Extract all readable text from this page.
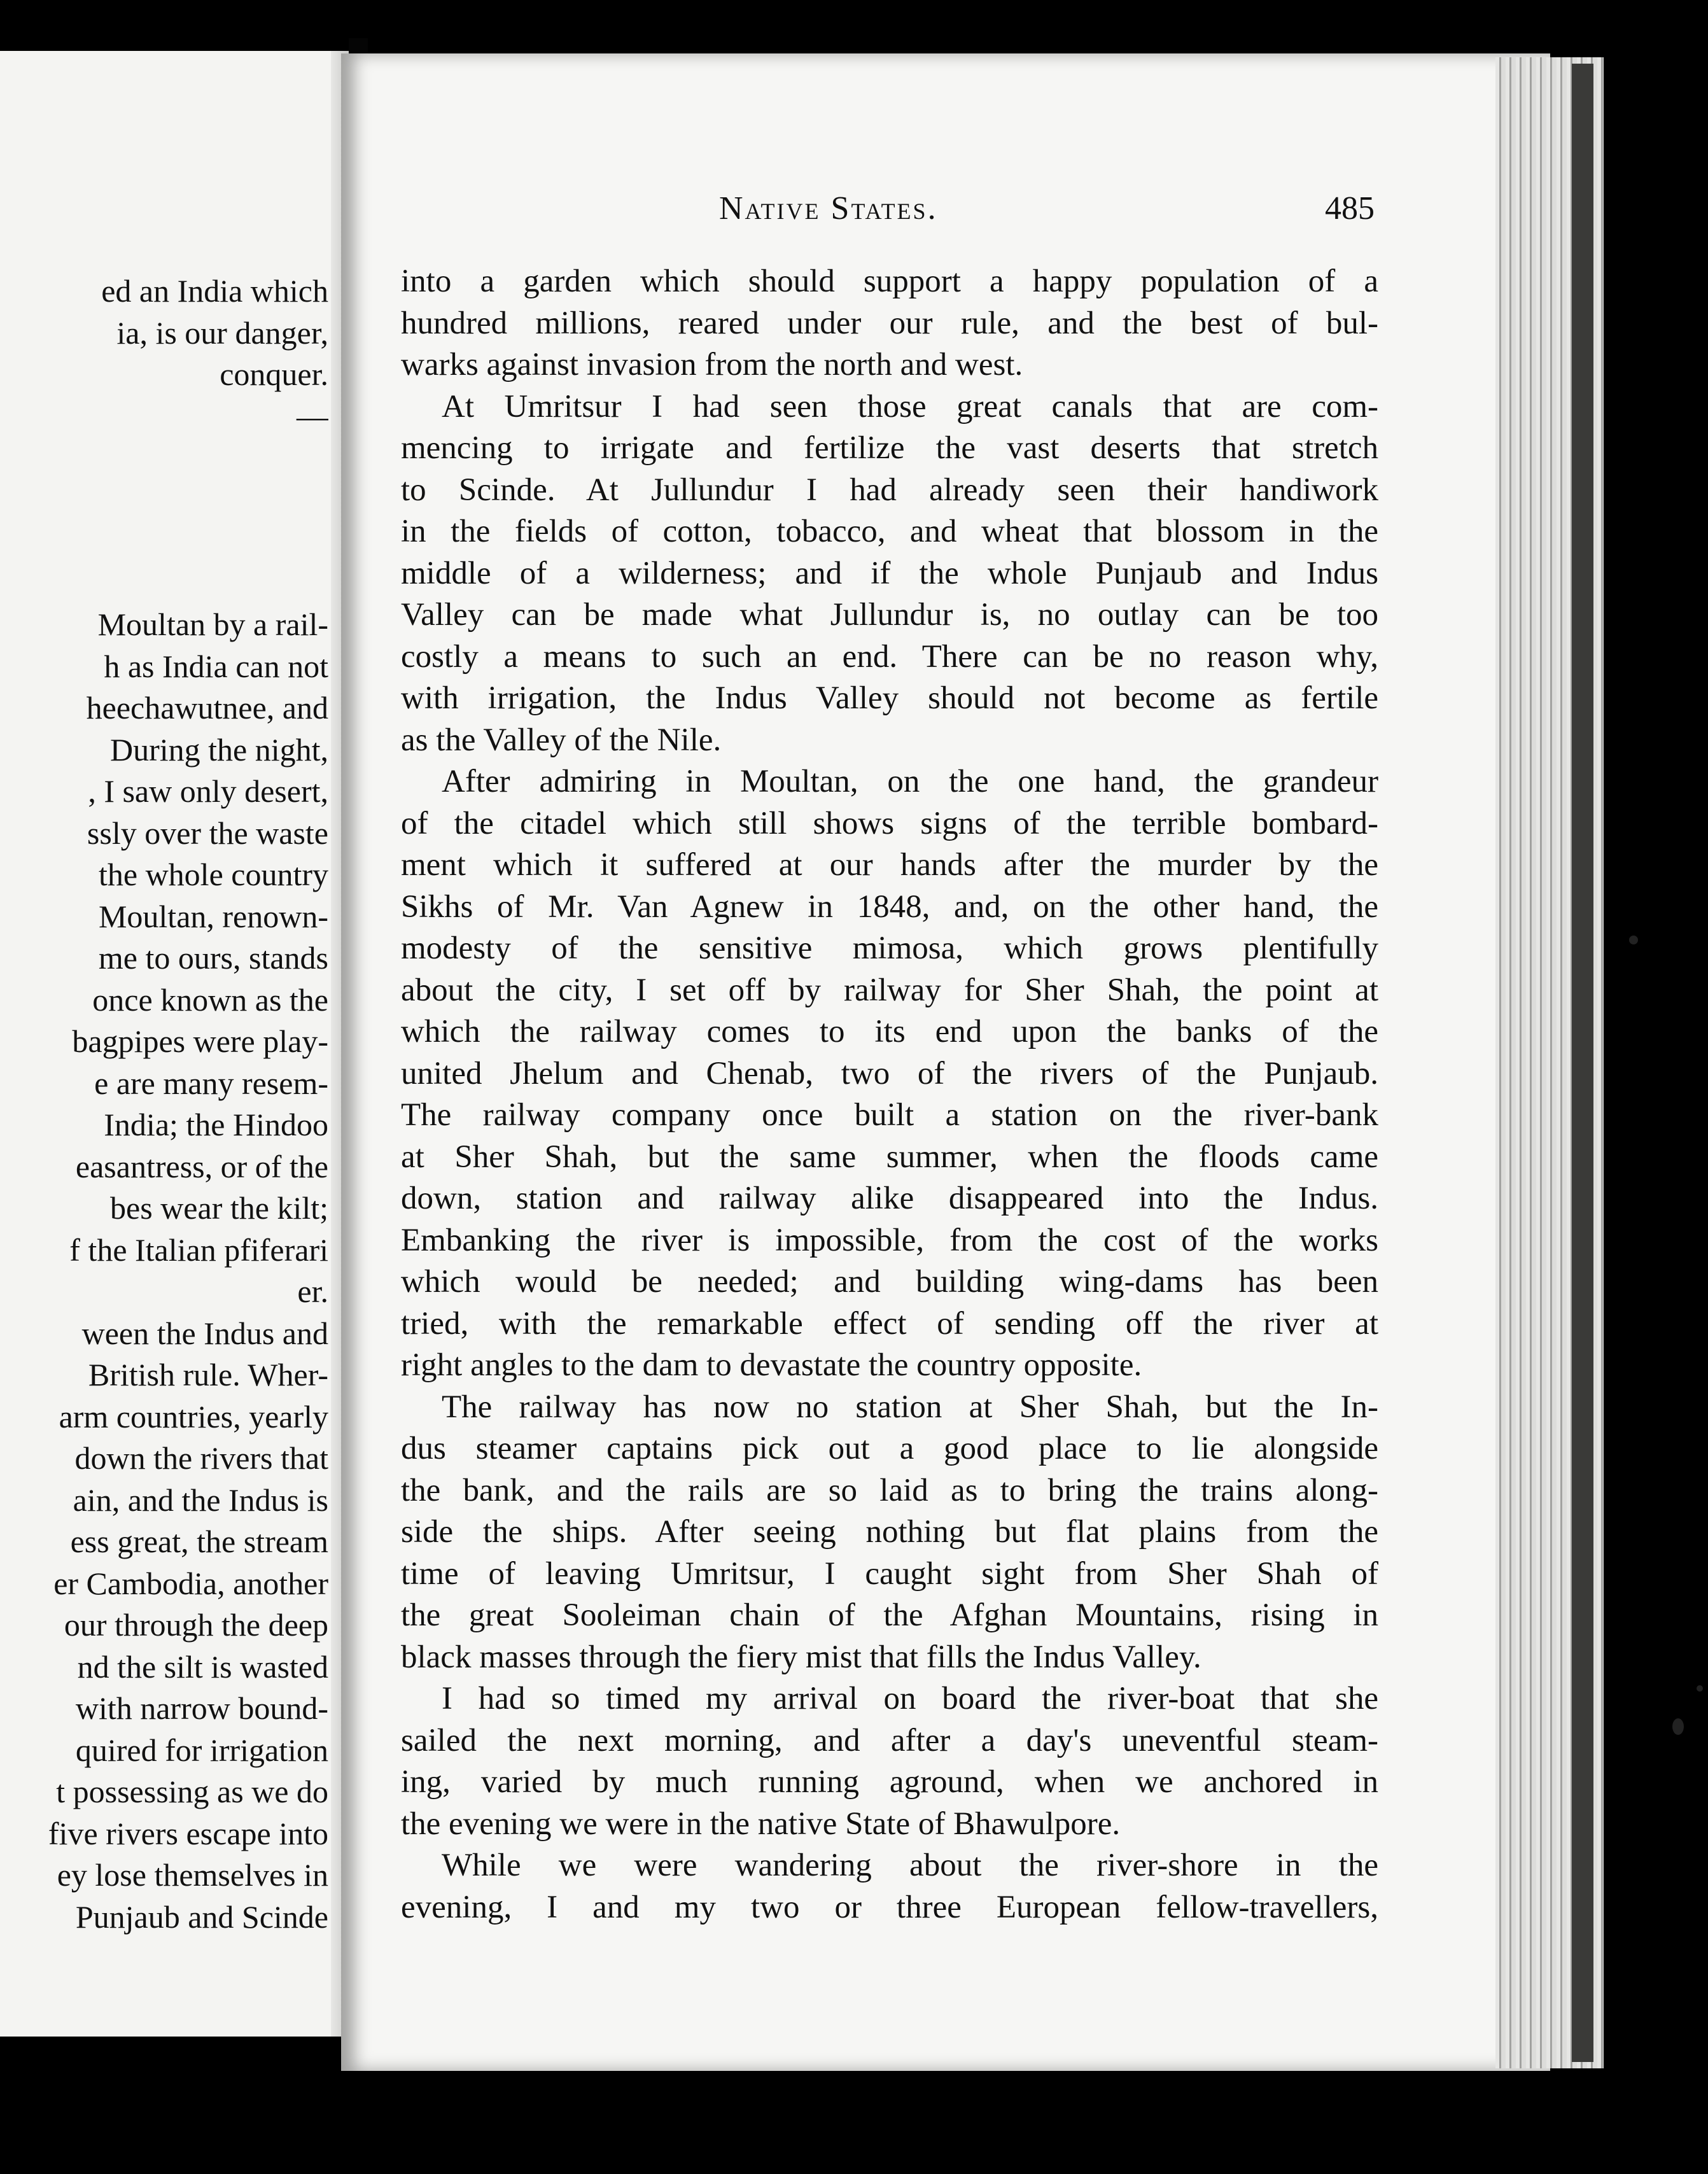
ed an India which
ia, is our danger,
conquer.
—
Moultan by a rail-
h as India can not
heechawutnee, and
During the night,
, I saw only desert,
ssly over the waste
the whole country
Moultan, renown-
me to ours, stands
once known as the
bagpipes were play-
e are many resem-
India; the Hindoo
easantress, or of the
bes wear the kilt;
f the Italian pfiferari
er.
ween the Indus and
British rule. Wher-
arm countries, yearly
down the rivers that
ain, and the Indus is
ess great, the stream
er Cambodia, another
our through the deep
nd the silt is wasted
with narrow bound-
quired for irrigation
t possessing as we do
five rivers escape into
ey lose themselves in
Punjaub and Scinde
Native States.	485
into a garden which should support a happy population of a
hundred millions, reared under our rule, and the best of bul-
warks against invasion from the north and west.
At Umritsur I had seen those great canals that are com-
mencing to irrigate and fertilize the vast deserts that stretch
to Scinde. At Jullundur I had already seen their handiwork
in the fields of cotton, tobacco, and wheat that blossom in the
middle of a wilderness; and if the whole Punjaub and Indus
Valley can be made what Jullundur is, no outlay can be too
costly a means to such an end. There can be no reason why,
with irrigation, the Indus Valley should not become as fertile
as the Valley of the Nile.
After admiring in Moultan, on the one hand, the grandeur
of the citadel which still shows signs of the terrible bombard-
ment which it suffered at our hands after the murder by the
Sikhs of Mr. Van Agnew in 1848, and, on the other hand, the
modesty of the sensitive mimosa, which grows plentifully
about the city, I set off by railway for Sher Shah, the point at
which the railway comes to its end upon the banks of the
united Jhelum and Chenab, two of the rivers of the Punjaub.
The railway company once built a station on the river-bank
at Sher Shah, but the same summer, when the floods came
down, station and railway alike disappeared into the Indus.
Embanking the river is impossible, from the cost of the works
which would be needed; and building wing-dams has been
tried, with the remarkable effect of sending off the river at
right angles to the dam to devastate the country opposite.
The railway has now no station at Sher Shah, but the In-
dus steamer captains pick out a good place to lie alongside
the bank, and the rails are so laid as to bring the trains along-
side the ships. After seeing nothing but flat plains from the
time of leaving Umritsur, I caught sight from Sher Shah of
the great Sooleiman chain of the Afghan Mountains, rising in
black masses through the fiery mist that fills the Indus Valley.
I had so timed my arrival on board the river-boat that she
sailed the next morning, and after a day's uneventful steam-
ing, varied by much running aground, when we anchored in
the evening we were in the native State of Bhawulpore.
While we were wandering about the river-shore in the
evening, I and my two or three European fellow-travellers,
